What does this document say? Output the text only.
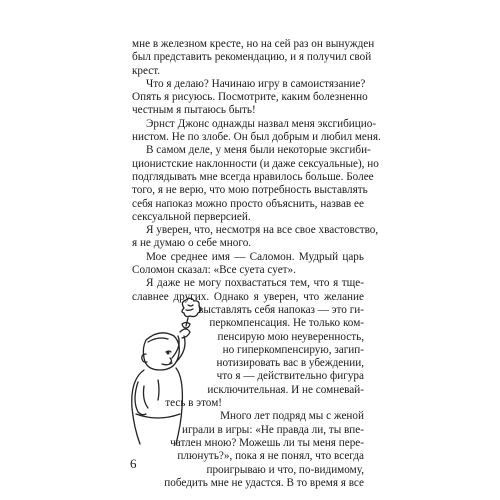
мне в железном кресте, но на сей раз он вынужден
был представить рекомендацию, и я получил свой
крест.
Что я делаю? Начинаю игру в самоистязание?
Опять я рисуюсь. Посмотрите, каким болезненно
честным я пытаюсь быть!
Эрнст Джонс однажды назвал меня эксгибицио-
нистом. Не по злобе. Он был добрым и любил меня.
В самом деле, у меня были некоторые эксгиби-
ционистские наклонности (и даже сексуальные), но
подглядывать мне всегда нравилось больше. Более
того, я не верю, что мою потребность выставлять
себя напоказ можно просто объяснить, назвав ее
сексуальной перверсией.
Я уверен, что, несмотря на все свое хвастовство,
я не думаю о себе много.
Мое среднее имя — Саломон. Мудрый царь
Соломон сказал: «Все суета сует».
Я даже не могу похвастаться тем, что я тще-
славнее других. Однако я уверен, что желание
выставлять себя напоказ — это ги-
перкомпенсация. Не только ком-
пенсирую мою неуверенность,
но гиперкомпенсирую, загип-
нотизировать вас в убеждении,
что я — действительно фигура
исключительная. И не сомневай-
тесь в этом!
Много лет подряд мы с женой
играли в игры: «Не правда ли, ты впе-
чатлен мною? Можешь ли ты меня пере-
плюнуть?», пока я не понял, что всегда
проигрываю и что, по-видимому,
победить мне не удастся. В то время я все
6
